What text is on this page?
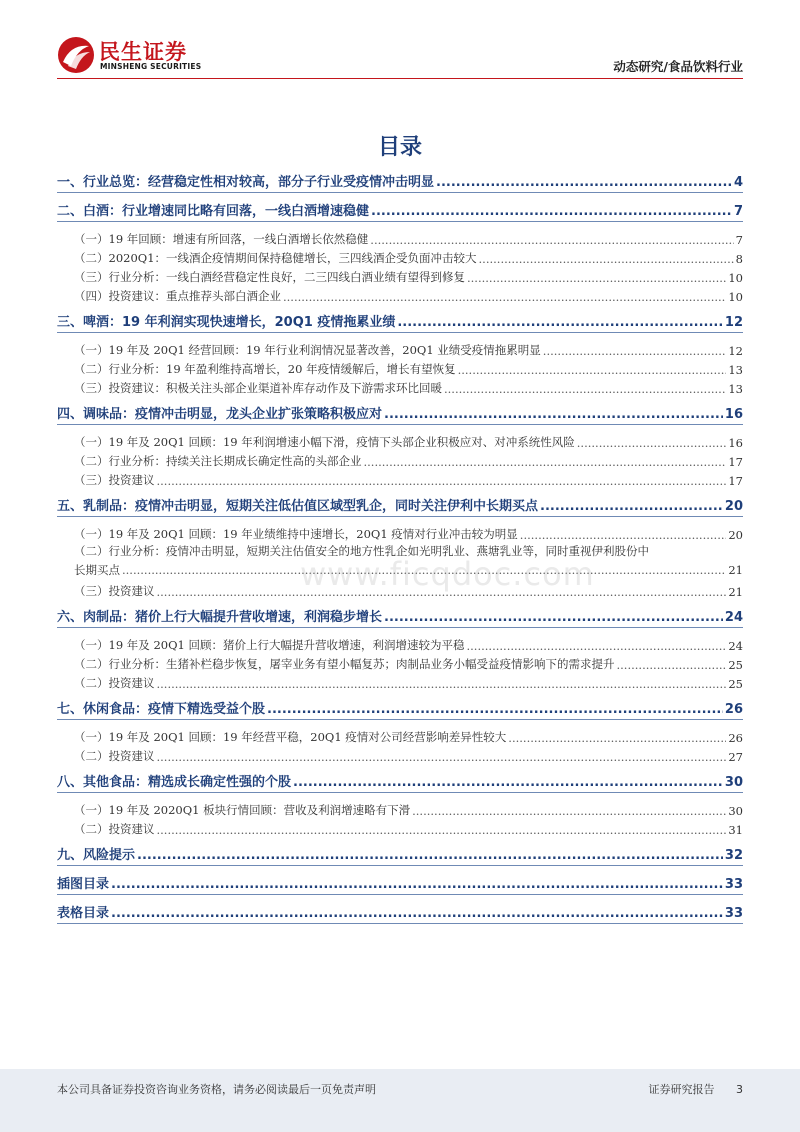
民生证券
MINSHENG SECURITIES	动态研究/食品饮料行业
目录
一、行业总览：经营稳定性相对较高，部分子行业受疫情冲击明显 .....	4
二、白酒：行业增速同比略有回落，一线白酒增速稳健 .....	7
（一）19 年回顾：增速有所回落，一线白酒增长依然稳健 .....	7
（二）2020Q1：一线酒企疫情期间保持稳健增长，三四线酒企受负面冲击较大 .....	8
（三）行业分析：一线白酒经营稳定性良好，二三四线白酒业绩有望得到修复 .....	10
（四）投资建议：重点推荐头部白酒企业 .....	10
三、啤酒：19 年利润实现快速增长，20Q1 疫情拖累业绩 .....	12
（一）19 年及 20Q1 经营回顾：19 年行业利润情况显著改善，20Q1 业绩受疫情拖累明显 .....	12
（二）行业分析：19 年盈利维持高增长，20 年疫情缓解后，增长有望恢复 .....	13
（三）投资建议：积极关注头部企业渠道补库存动作及下游需求环比回暖 .....	13
四、调味品：疫情冲击明显，龙头企业扩张策略积极应对 .....	16
（一）19 年及 20Q1 回顾：19 年利润增速小幅下滑，疫情下头部企业积极应对、对冲系统性风险 .....	16
（二）行业分析：持续关注长期成长确定性高的头部企业 .....	17
（三）投资建议 .....	17
五、乳制品：疫情冲击明显，短期关注低估值区域型乳企，同时关注伊利中长期买点 .....	20
（一）19 年及 20Q1 回顾：19 年业绩维持中速增长，20Q1 疫情对行业冲击较为明显 .....	20
（二）行业分析：疫情冲击明显，短期关注估值安全的地方性乳企如光明乳业、燕塘乳业等，同时重视伊利股份中
长期买点 .....	21
（三）投资建议 .....	21
六、肉制品：猪价上行大幅提升营收增速，利润稳步增长 .....	24
（一）19 年及 20Q1 回顾：猪价上行大幅提升营收增速，利润增速较为平稳 .....	24
（二）行业分析：生猪补栏稳步恢复，屠宰业务有望小幅复苏；肉制品业务小幅受益疫情影响下的需求提升 .....	25
（二）投资建议 .....	25
七、休闲食品：疫情下精选受益个股 .....	26
（一）19 年及 20Q1 回顾：19 年经营平稳，20Q1 疫情对公司经营影响差异性较大 .....	26
（二）投资建议 .....	27
八、其他食品：精选成长确定性强的个股 .....	30
（一）19 年及 2020Q1 板块行情回顾：营收及利润增速略有下滑 .....	30
（二）投资建议 .....	31
九、风险提示 .....	32
插图目录 .....	33
表格目录 .....	33
www.ficqdoc.com
本公司具备证券投资咨询业务资格，请务必阅读最后一页免责声明	证券研究报告 3
